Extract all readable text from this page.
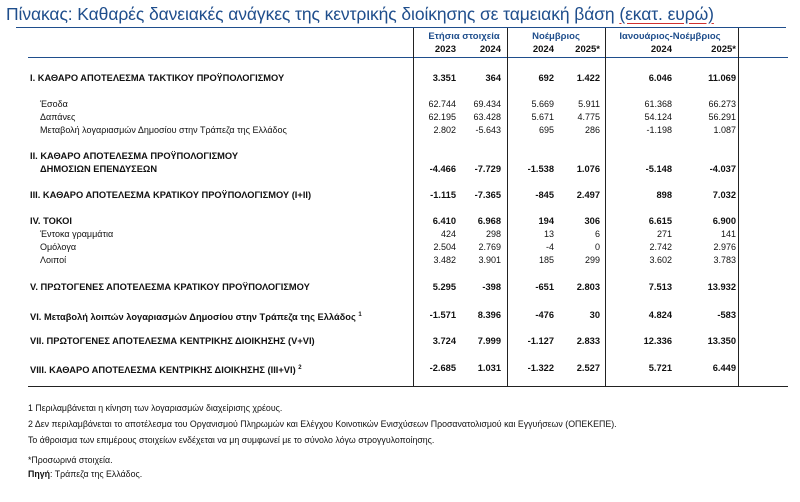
Πίνακας: Καθαρές δανειακές ανάγκες της κεντρικής διοίκησης σε ταμειακή βάση (εκατ. ευρώ)
Ετήσια στοιχεία	Νοέμβριος	Ιανουάριος-Νοέμβριος
2023	2024	2024	2025*	2024	2025*
I. ΚΑΘΑΡΟ ΑΠΟΤΕΛΕΣΜΑ ΤΑΚΤΙΚΟΥ ΠΡΟΫΠΟΛΟΓΙΣΜΟΥ	3.351	364	692	1.422	6.046	11.069
Έσοδα	62.744	69.434	5.669	5.911	61.368	66.273
Δαπάνες	62.195	63.428	5.671	4.775	54.124	56.291
Μεταβολή λογαριασμών Δημοσίου στην Τράπεζα της Ελλάδος	2.802	-5.643	695	286	-1.198	1.087
II. ΚΑΘΑΡΟ ΑΠΟΤΕΛΕΣΜΑ ΠΡΟΫΠΟΛΟΓΙΣΜΟΥ
ΔΗΜΟΣΙΩΝ ΕΠΕΝΔΥΣΕΩΝ	-4.466	-7.729	-1.538	1.076	-5.148	-4.037
III. ΚΑΘΑΡΟ ΑΠΟΤΕΛΕΣΜΑ ΚΡΑΤΙΚΟΥ ΠΡΟΫΠΟΛΟΓΙΣΜΟΥ (I+II)	-1.115	-7.365	-845	2.497	898	7.032
IV. ΤΟΚΟΙ	6.410	6.968	194	306	6.615	6.900
Έντοκα γραμμάτια	424	298	13	6	271	141
Ομόλογα	2.504	2.769	-4	0	2.742	2.976
Λοιποί	3.482	3.901	185	299	3.602	3.783
V. ΠΡΩΤΟΓΕΝΕΣ ΑΠΟΤΕΛΕΣΜΑ ΚΡΑΤΙΚΟΥ ΠΡΟΫΠΟΛΟΓΙΣΜΟΥ	5.295	-398	-651	2.803	7.513	13.932
VI. Μεταβολή λοιπών λογαριασμών Δημοσίου στην Τράπεζα της Ελλάδος $^1$	-1.571	8.396	-476	30	4.824	-583
VII. ΠΡΩΤΟΓΕΝΕΣ ΑΠΟΤΕΛΕΣΜΑ ΚΕΝΤΡΙΚΗΣ ΔΙΟΙΚΗΣΗΣ (V+VI)	3.724	7.999	-1.127	2.833	12.336	13.350
VIII. ΚΑΘΑΡΟ ΑΠΟΤΕΛΕΣΜΑ ΚΕΝΤΡΙΚΗΣ ΔΙΟΙΚΗΣΗΣ (III+VI) $^2$	-2.685	1.031	-1.322	2.527	5.721	6.449
1 Περιλαμβάνεται η κίνηση των λογαριασμών διαχείρισης χρέους.
2 Δεν περιλαμβάνεται το αποτέλεσμα του Οργανισμού Πληρωμών και Ελέγχου Κοινοτικών Ενισχύσεων Προσανατολισμού και Εγγυήσεων (ΟΠΕΚΕΠΕ).
Το άθροισμα των επιμέρους στοιχείων ενδέχεται να μη συμφωνεί με το σύνολο λόγω στρογγυλοποίησης.
*Προσωρινά στοιχεία.
Πηγή: Τράπεζα της Ελλάδος.
